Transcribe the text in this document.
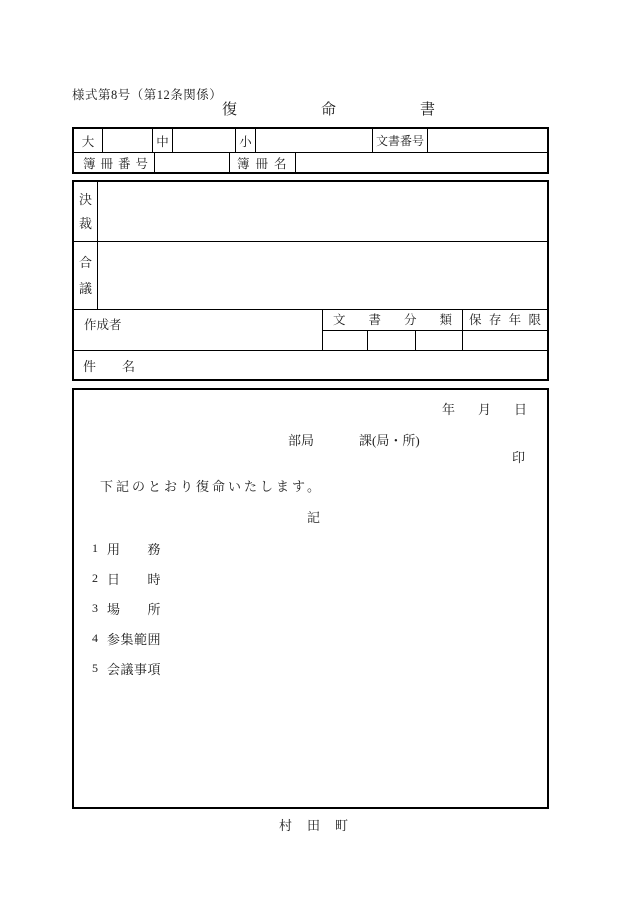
様式第8号（第12条関係）
復	命	書
大	中	小	文書番号
簿冊番号	簿冊名
決
裁
合
議
作成者	文 書 分 類 保 存 年 限
件　　名
年 月 日
部局	課(局・所)
印
下記のとおり復命いたします。
記
1 用　　務
2 日　　時
3 場　　所
4 参集範囲
5 会議事項
村 田 町
